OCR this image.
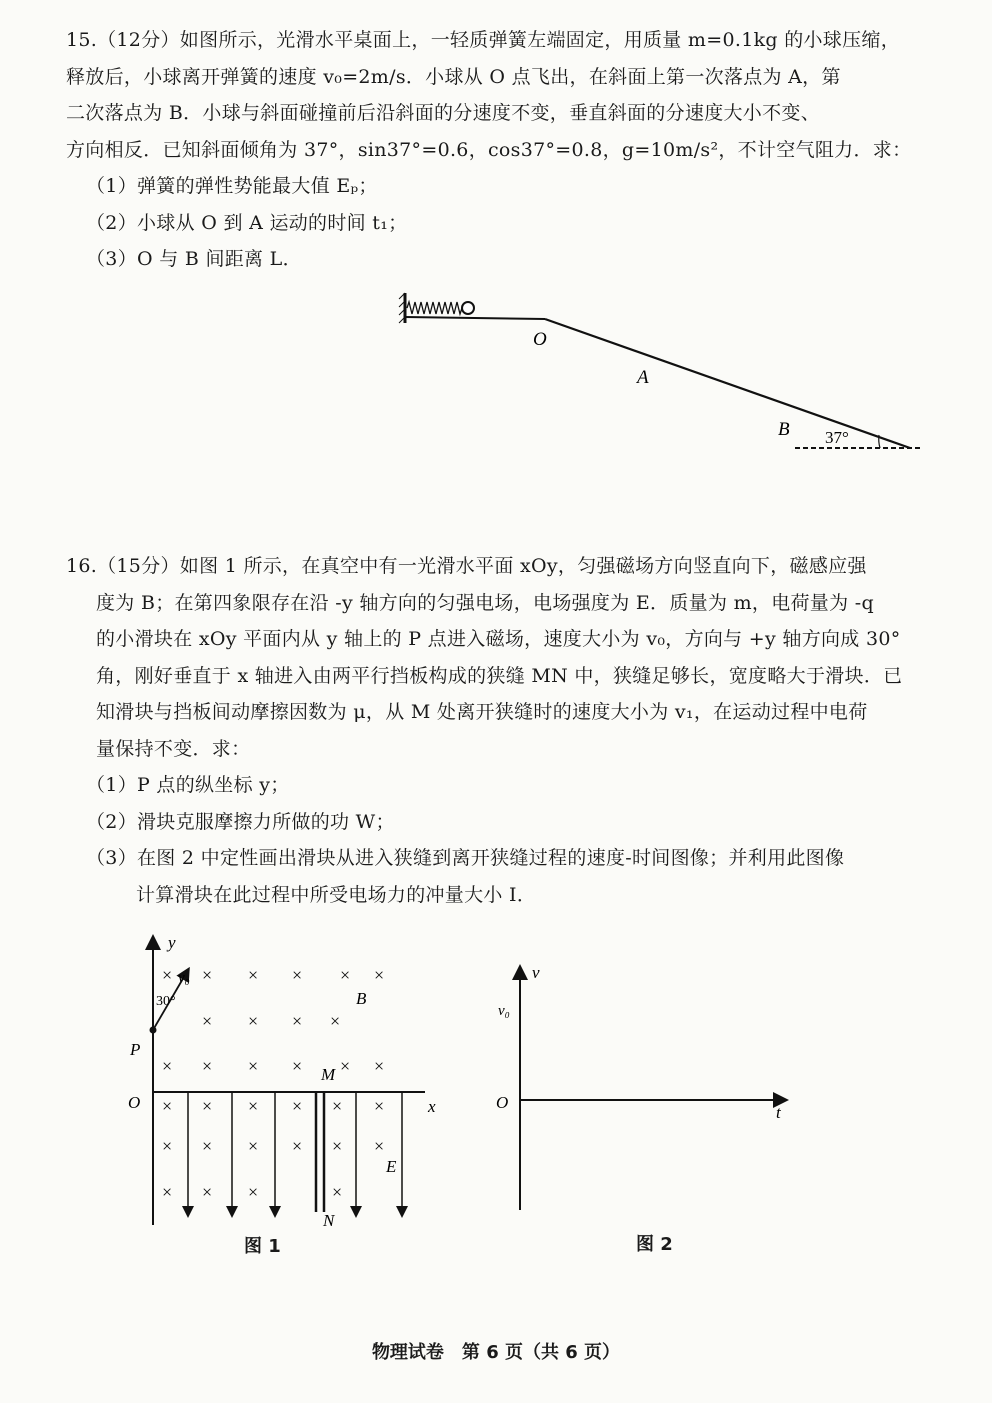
15.（12分）如图所示，光滑水平桌面上，一轻质弹簧左端固定，用质量 m=0.1kg 的小球压缩，
释放后，小球离开弹簧的速度 v₀=2m/s．小球从 O 点飞出，在斜面上第一次落点为 A，第
二次落点为 B．小球与斜面碰撞前后沿斜面的分速度不变，垂直斜面的分速度大小不变、
方向相反．已知斜面倾角为 37°，sin37°=0.6，cos37°=0.8，g=10m/s²，不计空气阻力．求：
（1）弹簧的弹性势能最大值 Eₚ；
（2）小球从 O 到 A 运动的时间 t₁；
（3）O 与 B 间距离 L．
O
A
B 37°
16.（15分）如图 1 所示，在真空中有一光滑水平面 xOy，匀强磁场方向竖直向下，磁感应强
度为 B；在第四象限存在沿 -y 轴方向的匀强电场，电场强度为 E．质量为 m，电荷量为 -q
的小滑块在 xOy 平面内从 y 轴上的 P 点进入磁场，速度大小为 v₀，方向与 +y 轴方向成 30°
角，刚好垂直于 x 轴进入由两平行挡板构成的狭缝 MN 中，狭缝足够长，宽度略大于滑块．已
知滑块与挡板间动摩擦因数为 μ，从 M 处离开狭缝时的速度大小为 v₁，在运动过程中电荷
量保持不变．求：
（1）P 点的纵坐标 y；
（2）滑块克服摩擦力所做的功 W；
（3）在图 2 中定性画出滑块从进入狭缝到离开狭缝过程的速度-时间图像；并利用此图像
计算滑块在此过程中所受电场力的冲量大小 I．
y
x
O
P
v₀
30°
× × × × × ×
× × × ×
× × × × × ×
× × × × × ×
× × × × × ×
× × ×	×
M
N
B
E
图 1
v
t
O
v₀
图 2
物理试卷　第 6 页（共 6 页）
